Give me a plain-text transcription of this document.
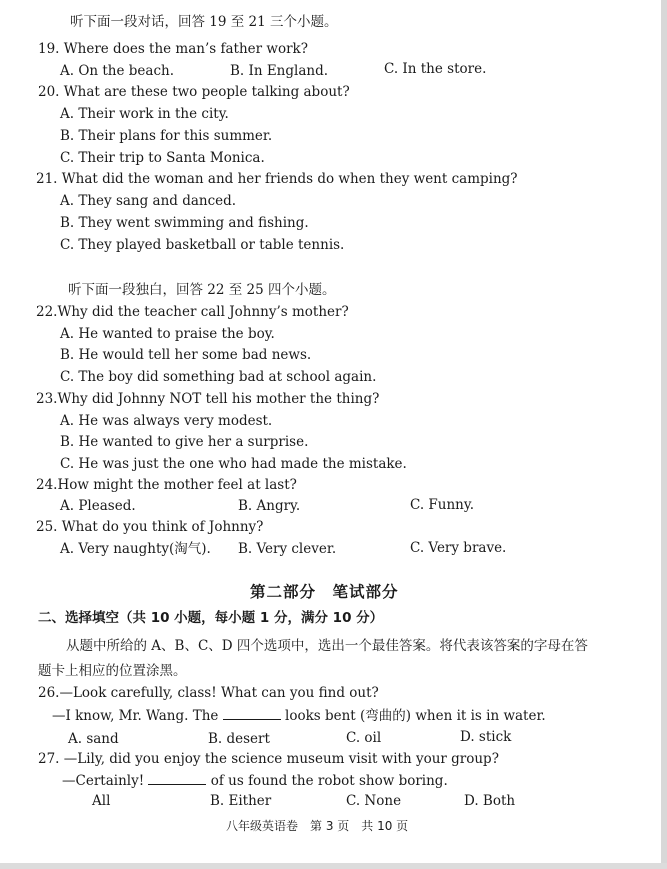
听下面一段对话，回答 19 至 21 三个小题。
19. Where does the man’s father work?
A. On the beach.	B. In England.	C. In the store.
20. What are these two people talking about?
A. Their work in the city.
B. Their plans for this summer.
C. Their trip to Santa Monica.
21. What did the woman and her friends do when they went camping?
A. They sang and danced.
B. They went swimming and fishing.
C. They played basketball or table tennis.
听下面一段独白，回答 22 至 25 四个小题。
22.Why did the teacher call Johnny’s mother?
A. He wanted to praise the boy.
B. He would tell her some bad news.
C. The boy did something bad at school again.
23.Why did Johnny NOT tell his mother the thing?
A. He was always very modest.
B. He wanted to give her a surprise.
C. He was just the one who had made the mistake.
24.How might the mother feel at last?
A. Pleased.	B. Angry.	C. Funny.
25. What do you think of Johnny?
A. Very naughty(淘气). B. Very clever.	C. Very brave.
第二部分　笔试部分
二、选择填空（共 10 小题，每小题 1 分，满分 10 分）
从题中所给的 A、B、C、D 四个选项中，选出一个最佳答案。将代表该答案的字母在答
题卡上相应的位置涂黑。
26.—Look carefully, class! What can you find out?
—I know, Mr. Wang. The	looks bent (弯曲的) when it is in water.
A. sand	B. desert	C. oil	D. stick
27. —Lily, did you enjoy the science museum visit with your group?
—Certainly!	of us found the robot show boring.
All	B. Either	C. None	D. Both
八年级英语卷　第 3 页　共 10 页
